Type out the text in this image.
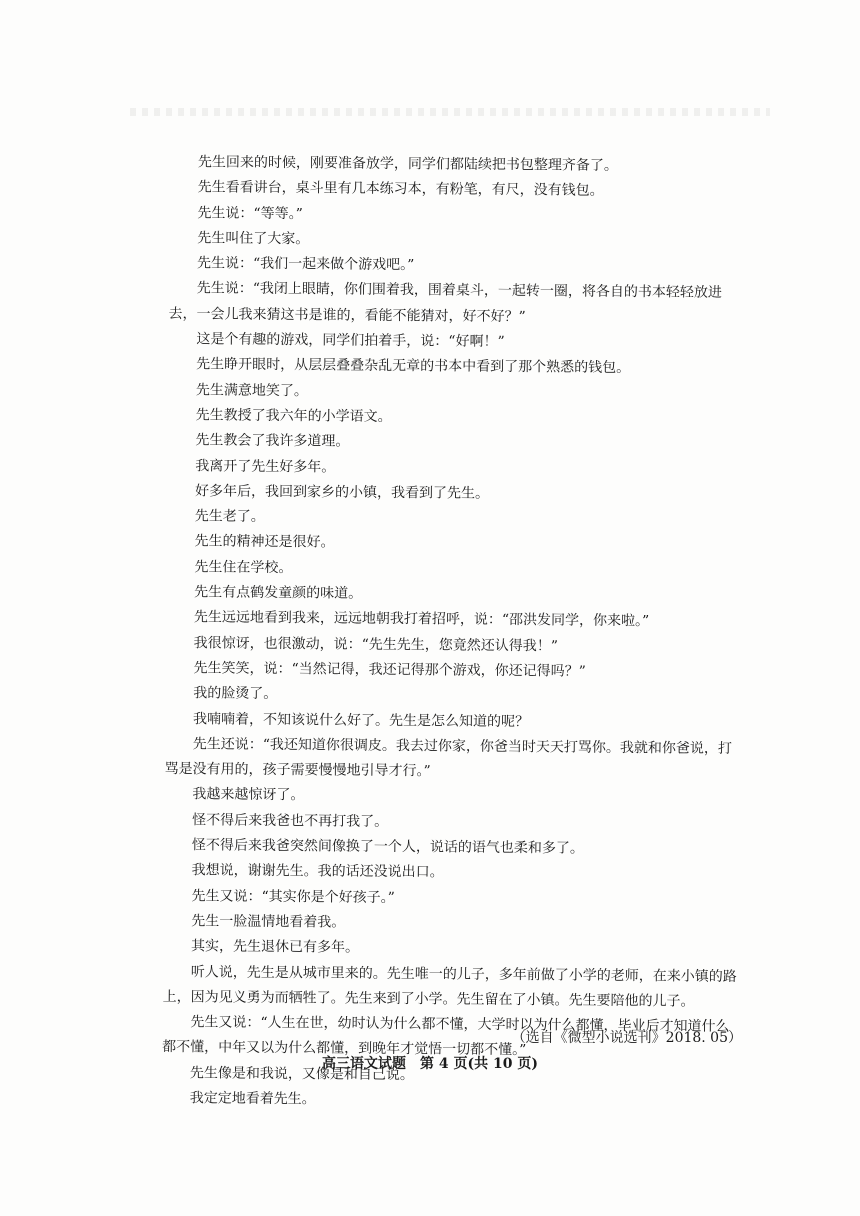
先生回来的时候，刚要准备放学，同学们都陆续把书包整理齐备了。

先生看看讲台，桌斗里有几本练习本，有粉笔，有尺，没有钱包。

先生说：“等等。”

先生叫住了大家。

先生说：“我们一起来做个游戏吧。”

先生说：“我闭上眼睛，你们围着我，围着桌斗，一起转一圈，将各自的书本轻轻放进去，一会儿我来猜这书是谁的，看能不能猜对，好不好？”

这是个有趣的游戏，同学们拍着手，说：“好啊！”

先生睁开眼时，从层层叠叠杂乱无章的书本中看到了那个熟悉的钱包。

先生满意地笑了。

先生教授了我六年的小学语文。

先生教会了我许多道理。

我离开了先生好多年。

好多年后，我回到家乡的小镇，我看到了先生。

先生老了。

先生的精神还是很好。

先生住在学校。

先生有点鹤发童颜的味道。

先生远远地看到我来，远远地朝我打着招呼，说：“邵洪发同学，你来啦。”

我很惊讶，也很激动，说：“先生先生，您竟然还认得我！”

先生笑笑，说：“当然记得，我还记得那个游戏，你还记得吗？”

我的脸烫了。

我喃喃着，不知该说什么好了。先生是怎么知道的呢？

先生还说：“我还知道你很调皮。我去过你家，你爸当时天天打骂你。我就和你爸说，打骂是没有用的，孩子需要慢慢地引导才行。”

我越来越惊讶了。

怪不得后来我爸也不再打我了。

怪不得后来我爸突然间像换了一个人，说话的语气也柔和多了。

我想说，谢谢先生。我的话还没说出口。

先生又说：“其实你是个好孩子。”

先生一脸温情地看着我。

其实，先生退休已有多年。

听人说，先生是从城市里来的。先生唯一的儿子，多年前做了小学的老师，在来小镇的路上，因为见义勇为而牺牲了。先生来到了小学。先生留在了小镇。先生要陪他的儿子。

先生又说：“人生在世，幼时认为什么都不懂，大学时以为什么都懂，毕业后才知道什么都不懂，中年又以为什么都懂，到晚年才觉悟一切都不懂。”

先生像是和我说，又像是和自己说。

我定定地看着先生。

（选自《微型小说选刊》2018. 05）
高三语文试题　第 4 页(共 10 页)
